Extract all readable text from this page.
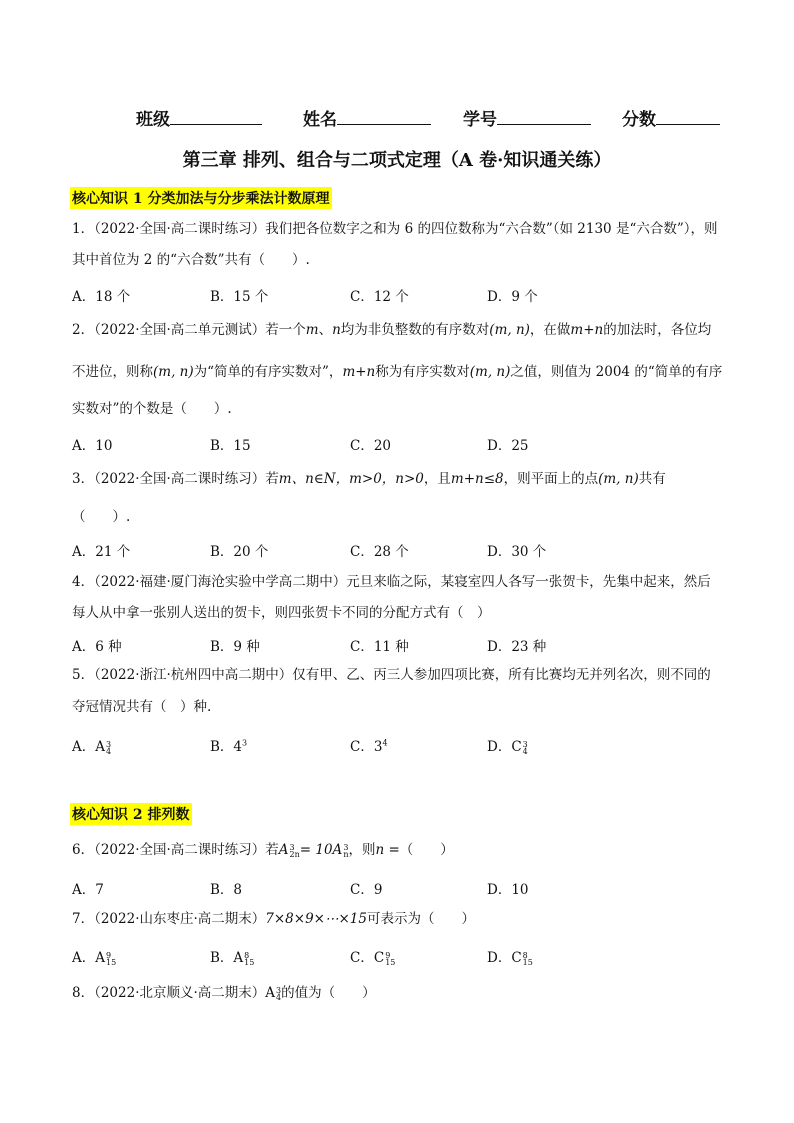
班级	姓名	学号	分数
第三章 排列、组合与二项式定理（A 卷·知识通关练）
核心知识 1 分类加法与分步乘法计数原理
1．（2022·全国·高二课时练习）我们把各位数字之和为 6 的四位数称为“六合数”（如 2130 是“六合数”），则
其中首位为 2 的“六合数”共有（　　）.
A．18 个	B．15 个	C．12 个	D．9 个
2．（2022·全国·高二单元测试）若一个m、n均为非负整数的有序数对(m, n)，在做m+n的加法时，各位均
不进位，则称(m, n)为“简单的有序实数对”，m+n称为有序实数对(m, n)之值，则值为 2004 的“简单的有序
实数对”的个数是（　　）.
A．10	B．15	C．20	D．25
3．（2022·全国·高二课时练习）若m、n∈N，m>0，n>0，且m+n≤8，则平面上的点(m, n)共有
（　　）.
A．21 个	B．20 个	C．28 个	D．30 个
4．（2022·福建·厦门海沧实验中学高二期中）元旦来临之际，某寝室四人各写一张贺卡，先集中起来，然后
每人从中拿一张别人送出的贺卡，则四张贺卡不同的分配方式有（　）
A．6 种	B．9 种	C．11 种	D．23 种
5．（2022·浙江·杭州四中高二期中）仅有甲、乙、丙三人参加四项比赛，所有比赛均无并列名次，则不同的
夺冠情况共有（　）种.
A．A 3
4	B．$4^3$	C．$3^4$	D．C 3
4
核心知识 2 排列数
6．（2022·全国·高二课时练习）若A 3
2n = 10A 3
n ，则n =（　　）
A．7	B．8	C．9	D．10
7．（2022·山东枣庄·高二期末）7×8×9×⋯×15可表示为（　　）
A．A 9
15	B．A 8
15	C．C 9
15	D．C 8
15
8．（2022·北京顺义·高二期末）A 3
4 的值为（　　）
